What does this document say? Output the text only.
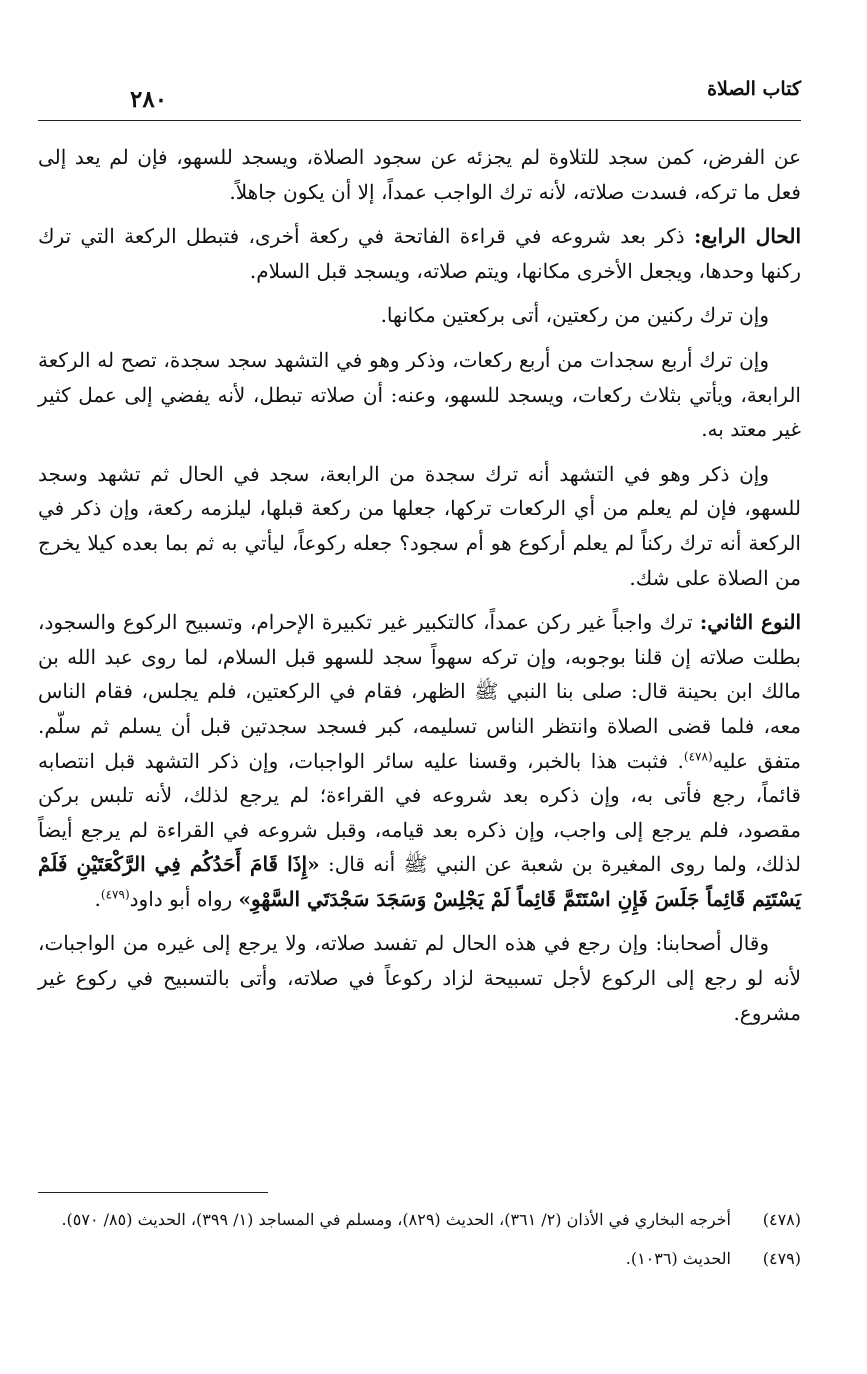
كتاب الصلاة
٢٨٠

عن الفرض، كمن سجد للتلاوة لم يجزئه عن سجود الصلاة، ويسجد للسهو، فإن لم يعد إلى فعل ما تركه، فسدت صلاته، لأنه ترك الواجب عمداً، إلا أن يكون جاهلاً.

الحال الرابع: ذكر بعد شروعه في قراءة الفاتحة في ركعة أخرى، فتبطل الركعة التي ترك ركنها وحدها، ويجعل الأخرى مكانها، ويتم صلاته، ويسجد قبل السلام.

وإن ترك ركنين من ركعتين، أتى بركعتين مكانها.

وإن ترك أربع سجدات من أربع ركعات، وذكر وهو في التشهد سجد سجدة، تصح له الركعة الرابعة، ويأتي بثلاث ركعات، ويسجد للسهو، وعنه: أن صلاته تبطل، لأنه يفضي إلى عمل كثير غير معتد به.

وإن ذكر وهو في التشهد أنه ترك سجدة من الرابعة، سجد في الحال ثم تشهد وسجد للسهو، فإن لم يعلم من أي الركعات تركها، جعلها من ركعة قبلها، ليلزمه ركعة، وإن ذكر في الركعة أنه ترك ركناً لم يعلم أركوع هو أم سجود؟ جعله ركوعاً، ليأتي به ثم بما بعده كيلا يخرج من الصلاة على شك.

النوع الثاني: ترك واجباً غير ركن عمداً، كالتكبير غير تكبيرة الإحرام، وتسبيح الركوع والسجود، بطلت صلاته إن قلنا بوجوبه، وإن تركه سهواً سجد للسهو قبل السلام، لما روى عبد الله بن مالك ابن بحينة قال: صلى بنا النبي ﷺ الظهر، فقام في الركعتين، فلم يجلس، فقام الناس معه، فلما قضى الصلاة وانتظر الناس تسليمه، كبر فسجد سجدتين قبل أن يسلم ثم سلّم. متفق عليه$^{(٤٧٨)}$. فثبت هذا بالخبر، وقسنا عليه سائر الواجبات، وإن ذكر التشهد قبل انتصابه قائماً، رجع فأتى به، وإن ذكره بعد شروعه في القراءة؛ لم يرجع لذلك، لأنه تلبس بركن مقصود، فلم يرجع إلى واجب، وإن ذكره بعد قيامه، وقبل شروعه في القراءة لم يرجع أيضاً لذلك، ولما روى المغيرة بن شعبة عن النبي ﷺ أنه قال: «إِذَا قَامَ أَحَدُكُم فِي الرَّكْعَتَيْنِ فَلَمْ يَسْتَتِم قَائِماً جَلَسَ فَإِنِ اسْتَتَمَّ قَائِماً لَمْ يَجْلِسْ وَسَجَدَ سَجْدَتَي السَّهْوِ» رواه أبو داود$^{(٤٧٩)}$.

وقال أصحابنا: وإن رجع في هذه الحال لم تفسد صلاته، ولا يرجع إلى غيره من الواجبات، لأنه لو رجع إلى الركوع لأجل تسبيحة لزاد ركوعاً في صلاته، وأتى بالتسبيح في ركوع غير مشروع.

(٤٧٨)
أخرجه البخاري في الأذان (٢/ ٣٦١)، الحديث (٨٢٩)، ومسلم في المساجد (١/ ٣٩٩)، الحديث (٨٥/ ٥٧٠).
(٤٧٩)
الحديث (١٠٣٦).
